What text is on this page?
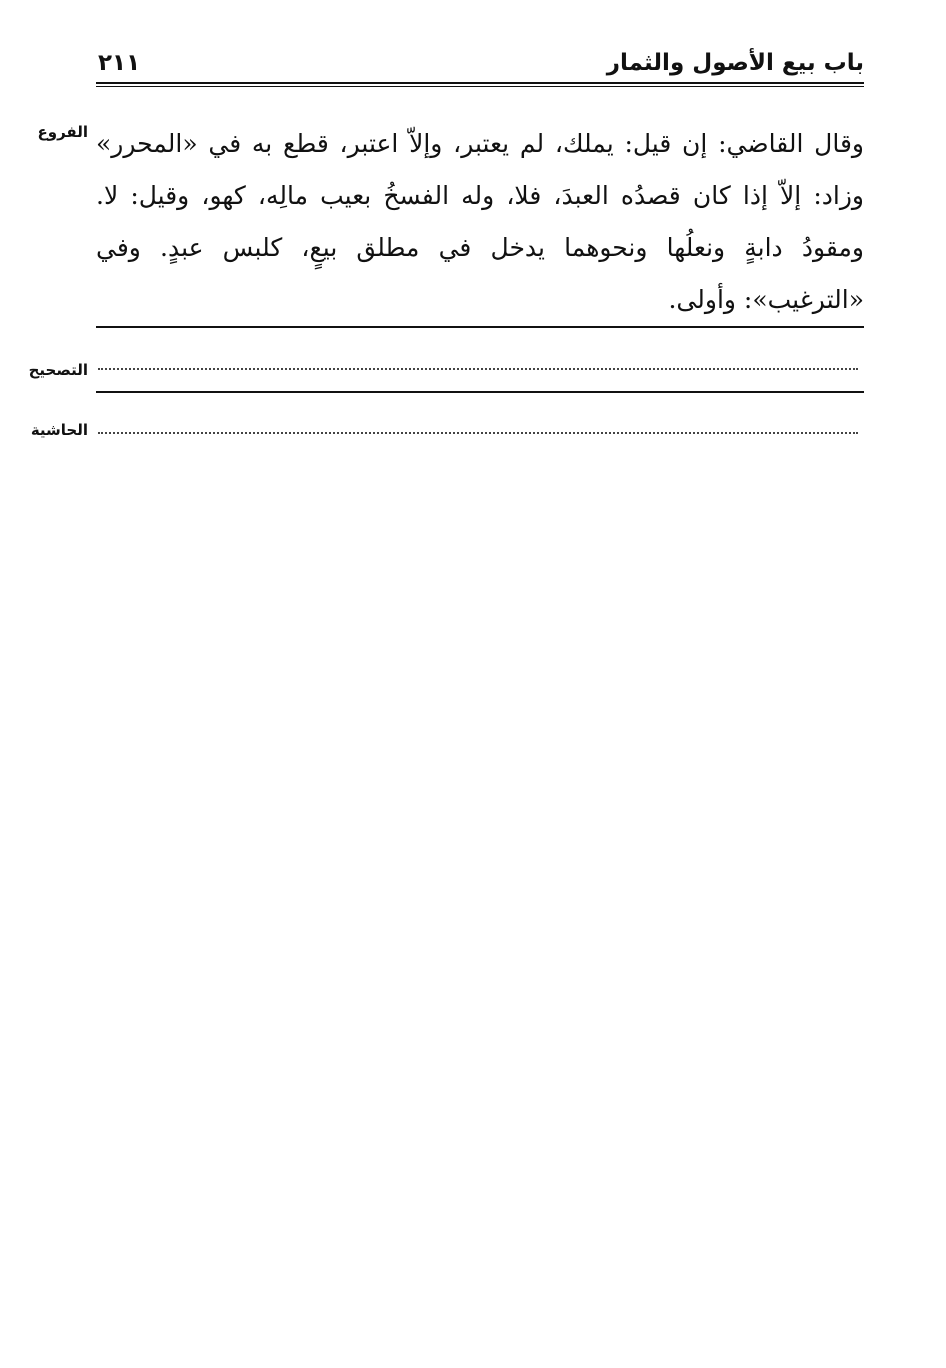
باب بيع الأصول والثمار
٢١١
الفروع وقال القاضي: إن قيل: يملك، لم يعتبر، وإلاّ اعتبر، قطع به في «المحرر» وزاد: إلاّ إذا كان قصدُه العبدَ، فلا، وله الفسخُ بعيب مالِه، كهو، وقيل: لا. ومقودُ دابةٍ ونعلُها ونحوهما يدخل في مطلق بيعٍ، كلبس عبدٍ. وفي «الترغيب»: وأولى.
التصحيح
الحاشية
